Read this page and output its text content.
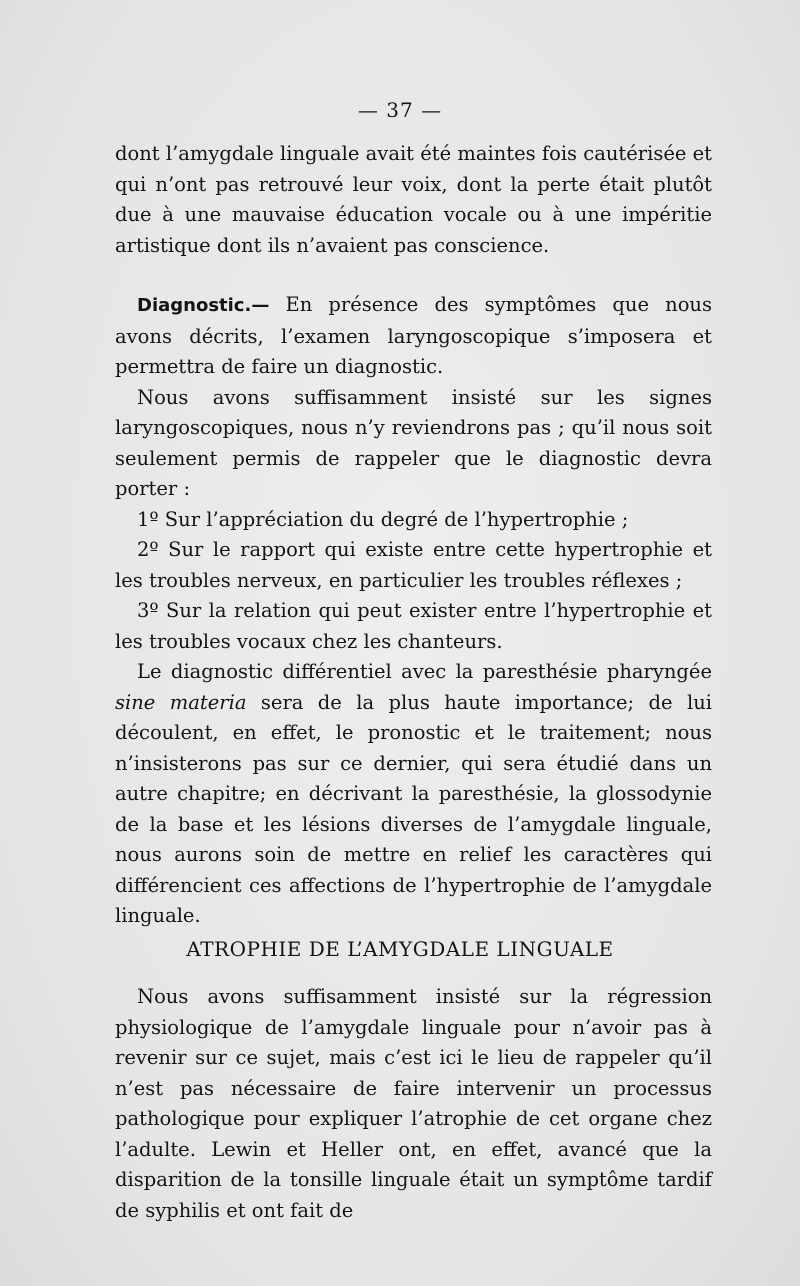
— 37 —

dont l’amygdale linguale avait été maintes fois cautérisée et qui n’ont pas retrouvé leur voix, dont la perte était plutôt due à une mauvaise éducation vocale ou à une impéritie artistique dont ils n’avaient pas conscience.

Diagnostic.— En présence des symptômes que nous avons décrits, l’examen laryngoscopique s’imposera et permettra de faire un diagnostic.

Nous avons suffisamment insisté sur les signes laryngoscopiques, nous n’y reviendrons pas ; qu’il nous soit seulement permis de rappeler que le diagnostic devra porter :

1º Sur l’appréciation du degré de l’hypertrophie ;

2º Sur le rapport qui existe entre cette hypertrophie et les troubles nerveux, en particulier les troubles réflexes ;

3º Sur la relation qui peut exister entre l’hypertrophie et les troubles vocaux chez les chanteurs.

Le diagnostic différentiel avec la paresthésie pharyngée sine materia sera de la plus haute importance; de lui découlent, en effet, le pronostic et le traitement; nous n’insisterons pas sur ce dernier, qui sera étudié dans un autre chapitre; en décrivant la paresthésie, la glossodynie de la base et les lésions diverses de l’amygdale linguale, nous aurons soin de mettre en relief les caractères qui différencient ces affections de l’hypertrophie de l’amygdale linguale.

ATROPHIE DE L’AMYGDALE LINGUALE

Nous avons suffisamment insisté sur la régression physiologique de l’amygdale linguale pour n’avoir pas à revenir sur ce sujet, mais c’est ici le lieu de rappeler qu’il n’est pas nécessaire de faire intervenir un processus pathologique pour expliquer l’atrophie de cet organe chez l’adulte. Lewin et Heller ont, en effet, avancé que la disparition de la tonsille linguale était un symptôme tardif de syphilis et ont fait de
